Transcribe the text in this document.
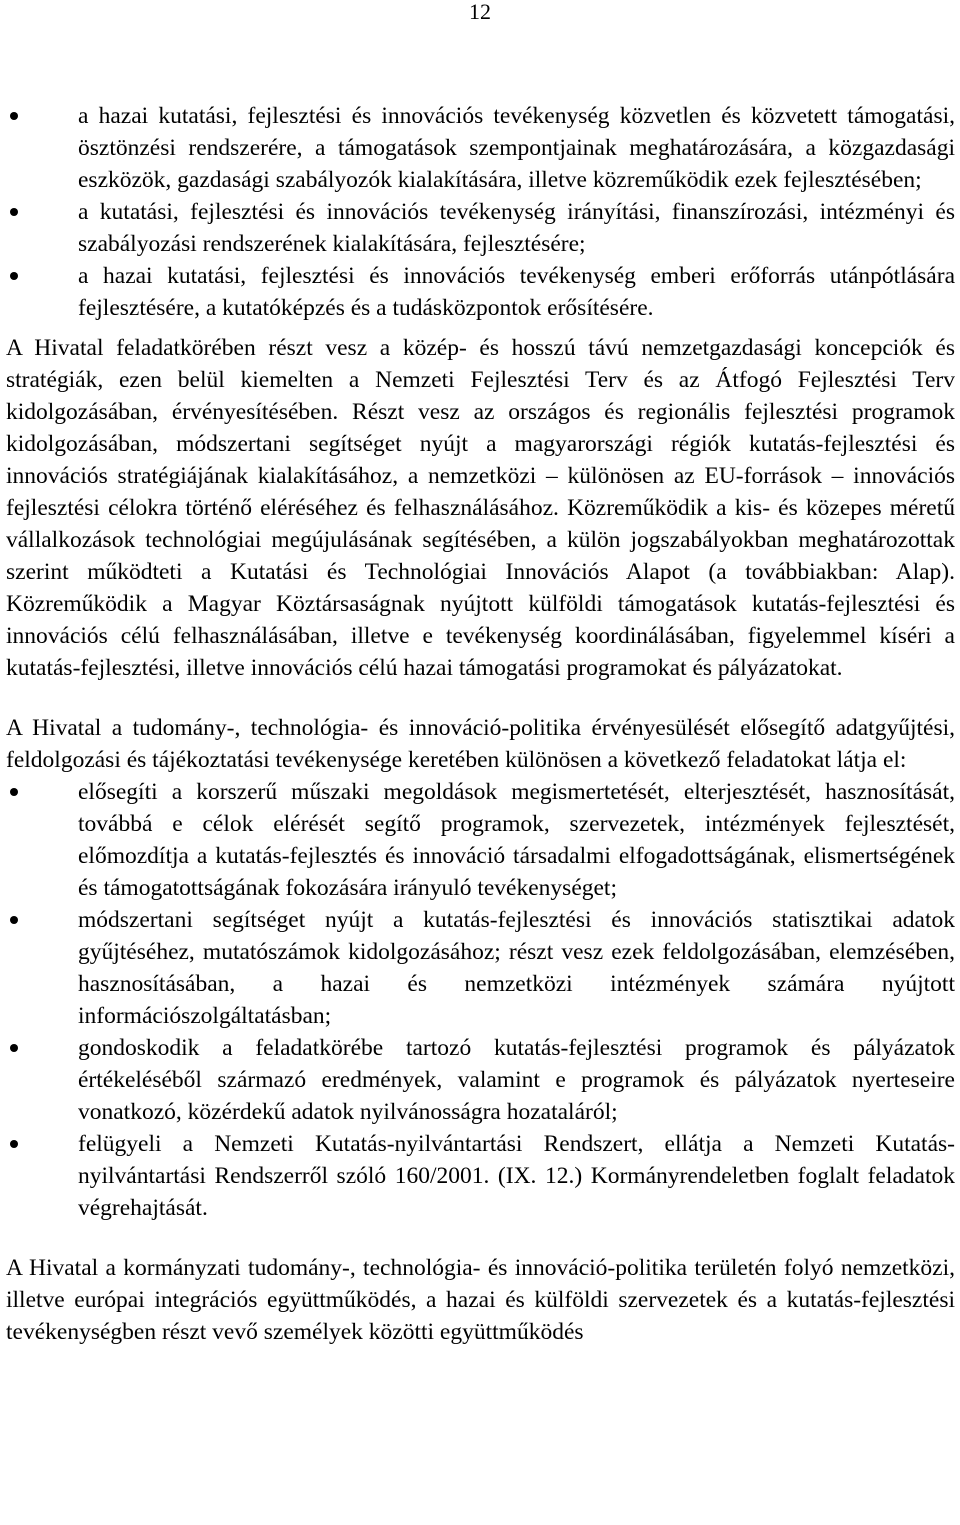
12
a hazai kutatási, fejlesztési és innovációs tevékenység közvetlen és közvetett támogatási, ösztönzési rendszerére, a támogatások szempontjainak meghatározására, a közgazdasági eszközök, gazdasági szabályozók kialakítására, illetve közreműködik ezek fejlesztésében;
a kutatási, fejlesztési és innovációs tevékenység irányítási, finanszírozási, intézményi és szabályozási rendszerének kialakítására, fejlesztésére;
a hazai kutatási, fejlesztési és innovációs tevékenység emberi erőforrás utánpótlására fejlesztésére, a kutatóképzés és a tudásközpontok erősítésére.

A Hivatal feladatkörében részt vesz a közép- és hosszú távú nemzetgazdasági koncepciók és stratégiák, ezen belül kiemelten a Nemzeti Fejlesztési Terv és az Átfogó Fejlesztési Terv kidolgozásában, érvényesítésében. Részt vesz az országos és regionális fejlesztési programok kidolgozásában, módszertani segítséget nyújt a magyarországi régiók kutatás-fejlesztési és innovációs stratégiájának kialakításához, a nemzetközi – különösen az EU-források – innovációs fejlesztési célokra történő eléréséhez és felhasználásához. Közreműködik a kis- és közepes méretű vállalkozások technológiai megújulásának segítésében, a külön jogszabályokban meghatározottak szerint működteti a Kutatási és Technológiai Innovációs Alapot (a továbbiakban: Alap). Közreműködik a Magyar Köztársaságnak nyújtott külföldi támogatások kutatás-fejlesztési és innovációs célú felhasználásában, illetve e tevékenység koordinálásában, figyelemmel kíséri a kutatás-fejlesztési, illetve innovációs célú hazai támogatási programokat és pályázatokat.

A Hivatal a tudomány-, technológia- és innováció-politika érvényesülését elősegítő adatgyűjtési, feldolgozási és tájékoztatási tevékenysége keretében különösen a következő feladatokat látja el:

elősegíti a korszerű műszaki megoldások megismertetését, elterjesztését, hasznosítását, továbbá e célok elérését segítő programok, szervezetek, intézmények fejlesztését, előmozdítja a kutatás-fejlesztés és innováció társadalmi elfogadottságának, elismertségének és támogatottságának fokozására irányuló tevékenységet;
módszertani segítséget nyújt a kutatás-fejlesztési és innovációs statisztikai adatok gyűjtéséhez, mutatószámok kidolgozásához; részt vesz ezek feldolgozásában, elemzésében, hasznosításában, a hazai és nemzetközi intézmények számára nyújtott információszolgáltatásban;
gondoskodik a feladatkörébe tartozó kutatás-fejlesztési programok és pályázatok értékeléséből származó eredmények, valamint e programok és pályázatok nyerteseire vonatkozó, közérdekű adatok nyilvánosságra hozataláról;
felügyeli a Nemzeti Kutatás-nyilvántartási Rendszert, ellátja a Nemzeti Kutatás-nyilvántartási Rendszerről szóló 160/2001. (IX. 12.) Kormányrendeletben foglalt feladatok végrehajtását.

A Hivatal a kormányzati tudomány-, technológia- és innováció-politika területén folyó nemzetközi, illetve európai integrációs együttműködés, a hazai és külföldi szervezetek és a kutatás-fejlesztési tevékenységben részt vevő személyek közötti együttműködés
